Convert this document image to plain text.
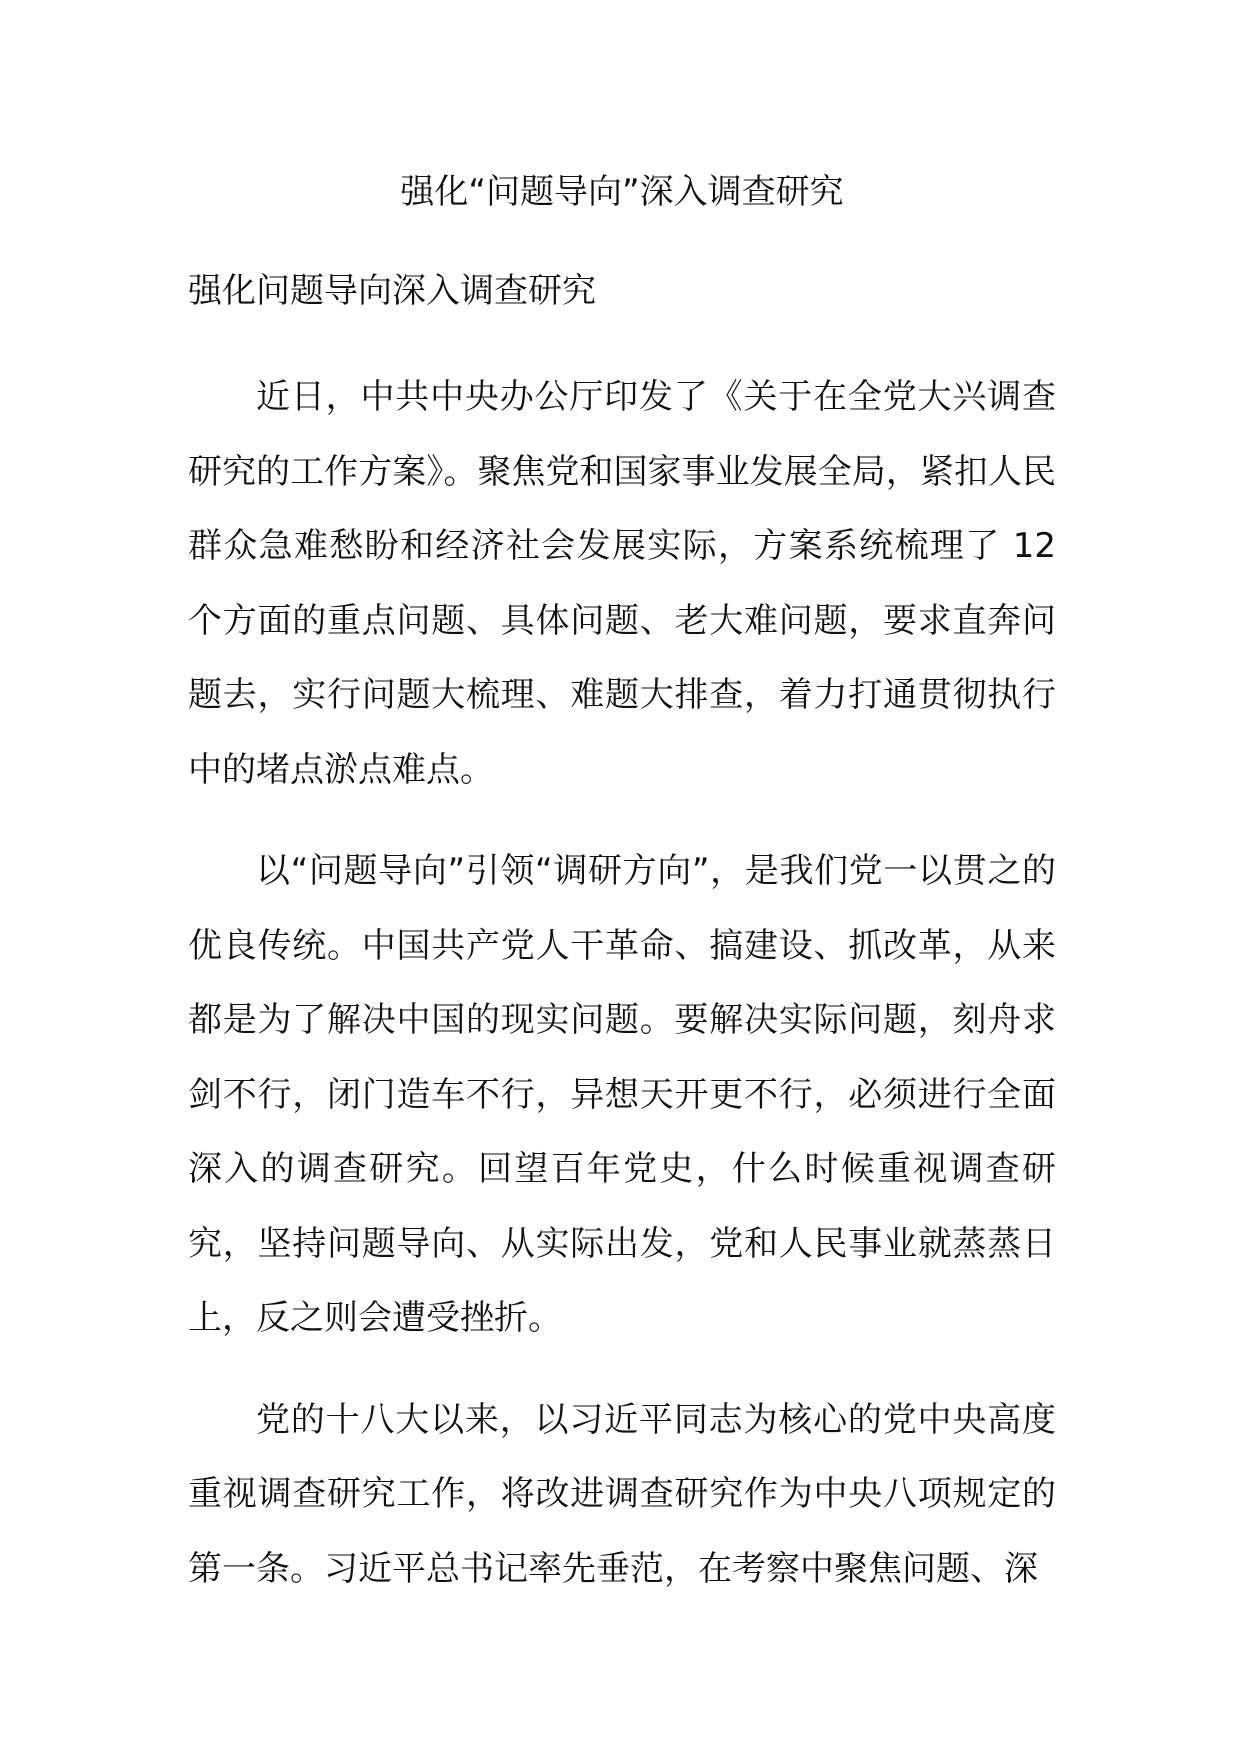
强化“问题导向”深入调查研究

强化问题导向深入调查研究

近日，中共中央办公厅印发了《关于在全党大兴调查研究的工作方案》。聚焦党和国家事业发展全局，紧扣人民群众急难愁盼和经济社会发展实际，方案系统梳理了 12 个方面的重点问题、具体问题、老大难问题，要求直奔问题去，实行问题大梳理、难题大排查，着力打通贯彻执行中的堵点淤点难点。

以“问题导向”引领“调研方向”，是我们党一以贯之的优良传统。中国共产党人干革命、搞建设、抓改革，从来都是为了解决中国的现实问题。要解决实际问题，刻舟求剑不行，闭门造车不行，异想天开更不行，必须进行全面深入的调查研究。回望百年党史，什么时候重视调查研究，坚持问题导向、从实际出发，党和人民事业就蒸蒸日上，反之则会遭受挫折。

党的十八大以来，以习近平同志为核心的党中央高度重视调查研究工作，将改进调查研究作为中央八项规定的第一条。习近平总书记率先垂范，在考察中聚焦问题、深
